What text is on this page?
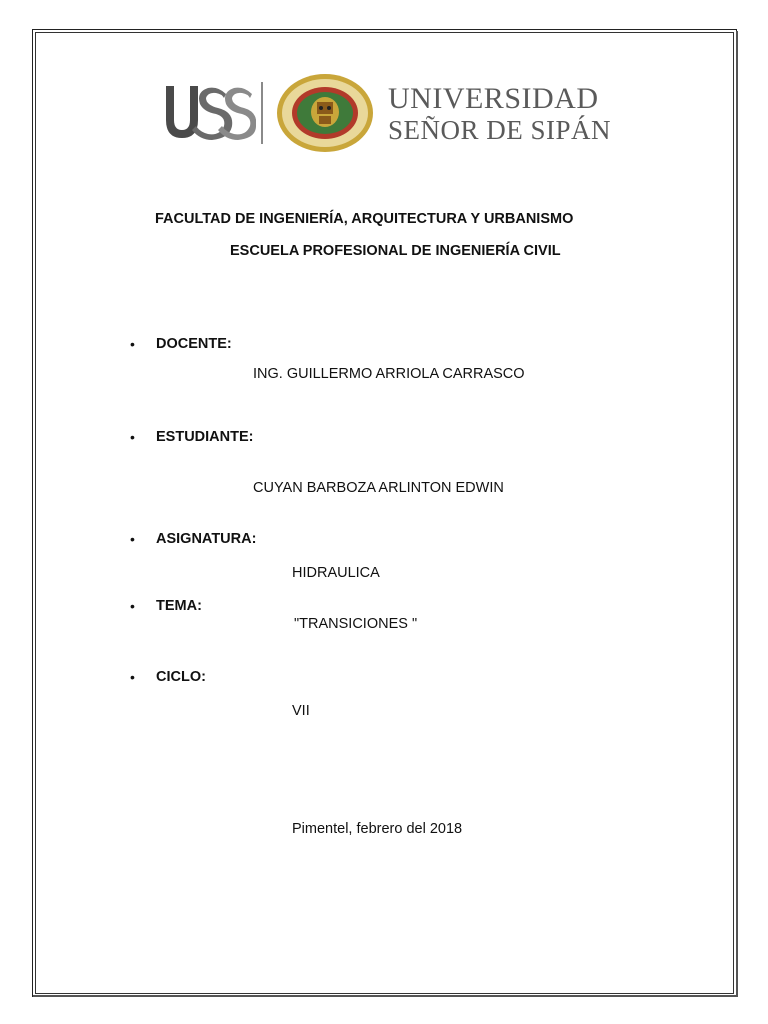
UNIVERSIDAD
SEÑOR DE SIPÁN
FACULTAD DE INGENIERÍA, ARQUITECTURA Y URBANISMO
ESCUELA PROFESIONAL DE INGENIERÍA CIVIL
• DOCENTE:
ING. GUILLERMO ARRIOLA CARRASCO
• ESTUDIANTE:
CUYAN BARBOZA ARLINTON EDWIN
• ASIGNATURA:
HIDRAULICA
• TEMA:
"TRANSICIONES "
• CICLO:
VII
Pimentel, febrero del 2018
